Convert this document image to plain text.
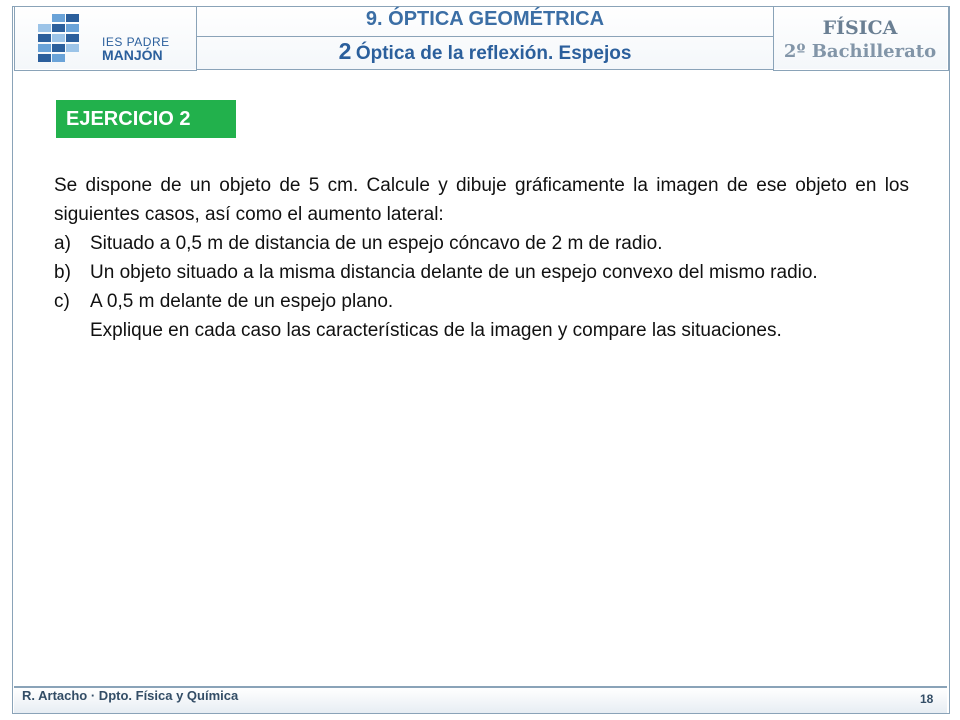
IES PADRE
MANJÓN
9. ÓPTICA GEOMÉTRICA
2 Óptica de la reflexión. Espejos
FÍSICA
2º Bachillerato
EJERCICIO 2

Se dispone de un objeto de 5 cm. Calcule y dibuje gráficamente la imagen de ese objeto en los siguientes casos, así como el aumento lateral:

a)	Situado a 0,5 m de distancia de un espejo cóncavo de 2 m de radio.
b)	Un objeto situado a la misma distancia delante de un espejo convexo del mismo radio.
c)	A 0,5 m delante de un espejo plano.

Explique en cada caso las características de la imagen y compare las situaciones.

R. Artacho · Dpto. Física y Química	18
